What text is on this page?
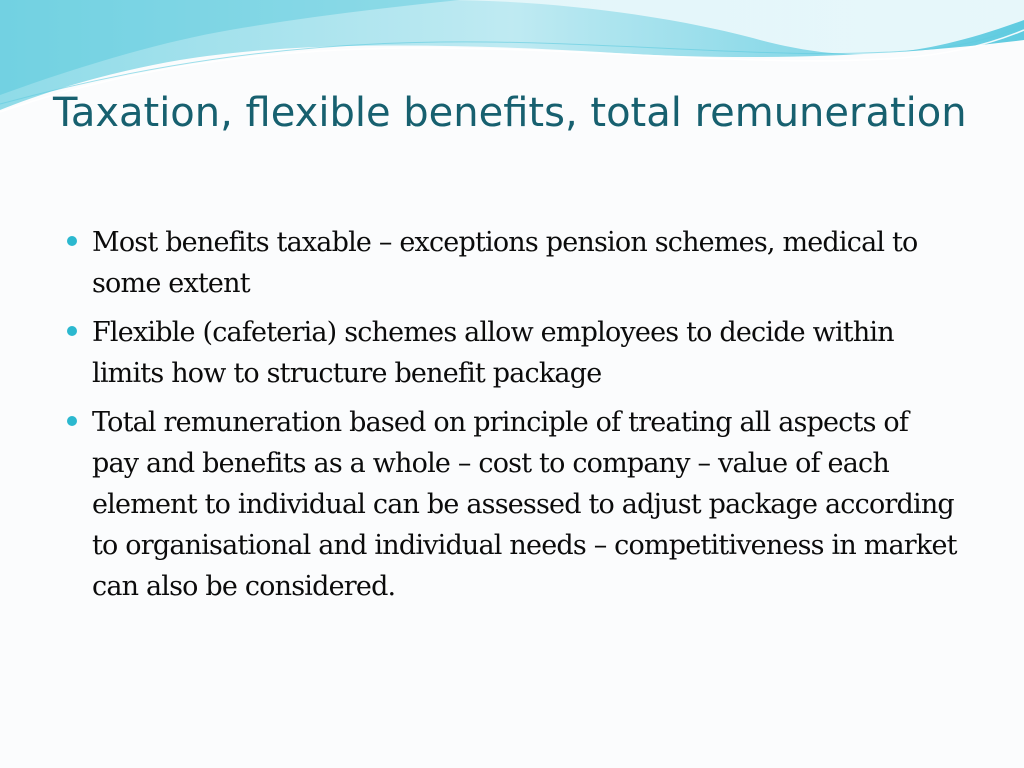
Taxation, flexible benefits, total remuneration
Most benefits taxable – exceptions pension schemes, medical to some extent
Flexible (cafeteria) schemes allow employees to decide within limits how to structure benefit package
Total remuneration based on principle of treating all aspects of pay and benefits as a whole – cost to company – value of each element to individual can be assessed to adjust package according to organisational and individual needs – competitiveness in market can also be considered.
